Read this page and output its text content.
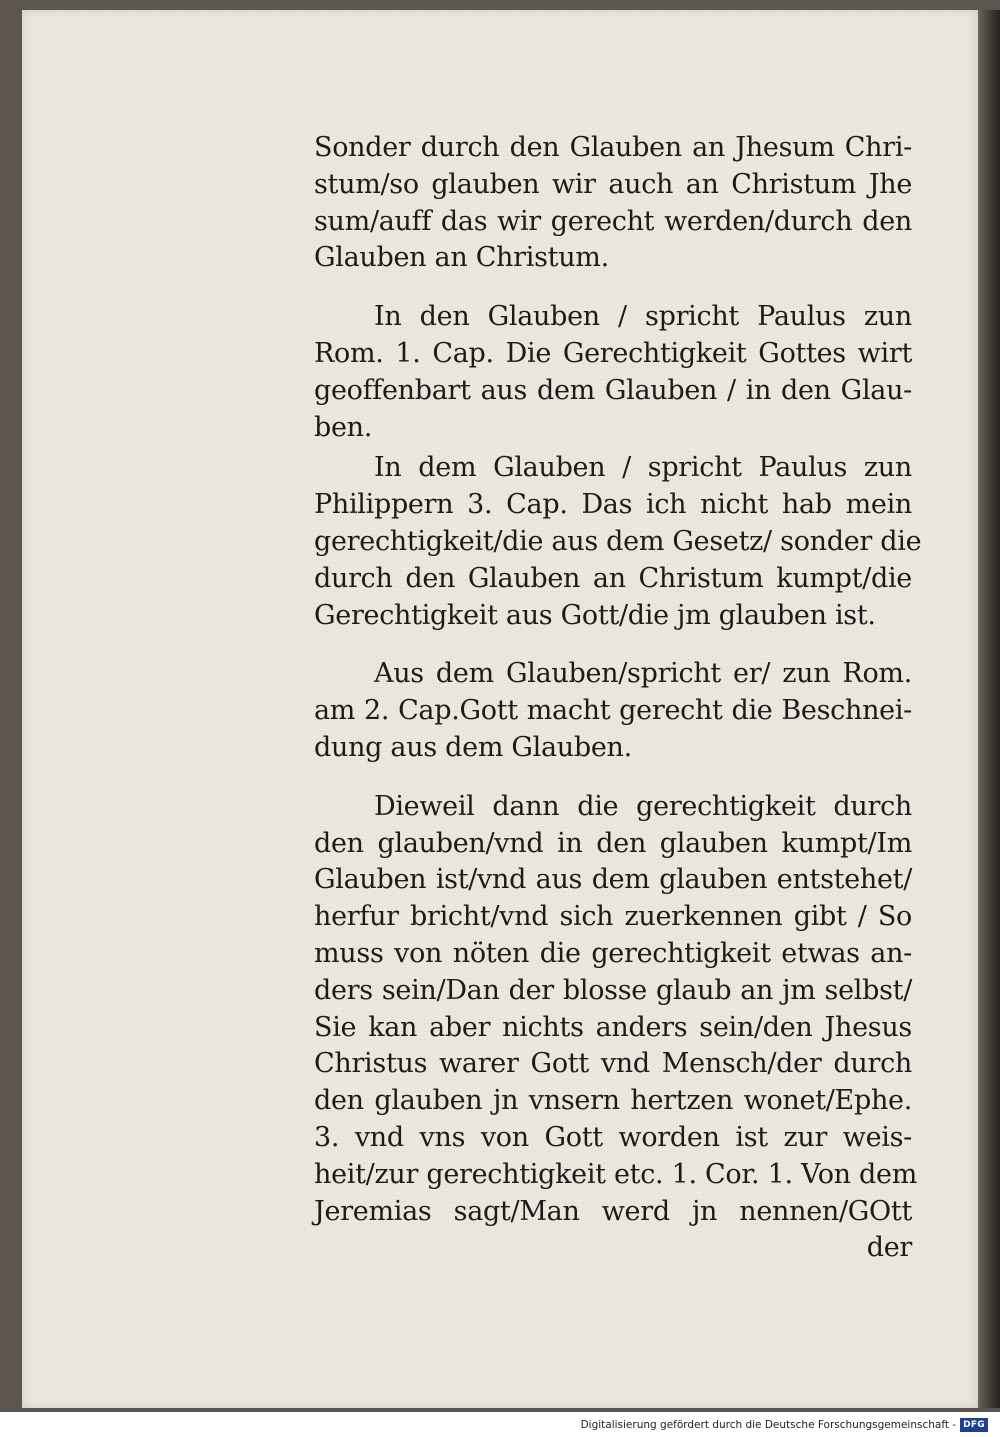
Sonder durch den Glauben an Jhesum Chri-
stum/so glauben wir auch an Christum Jhe
sum/auff das wir gerecht werden/durch den
Glauben an Christum.
In den Glauben / spricht Paulus zun
Rom. 1. Cap. Die Gerechtigkeit Gottes wirt
geoffenbart aus dem Glauben / in den Glau-
ben.
In dem Glauben / spricht Paulus zun
Philippern 3. Cap. Das ich nicht hab mein
gerechtigkeit/die aus dem Gesetz/ sonder die
durch den Glauben an Christum kumpt/die
Gerechtigkeit aus Gott/die jm glauben ist.
Aus dem Glauben/spricht er/ zun Rom.
am 2. Cap.Gott macht gerecht die Beschnei-
dung aus dem Glauben.
Dieweil dann die gerechtigkeit durch
den glauben/vnd in den glauben kumpt/Im
Glauben ist/vnd aus dem glauben entstehet/
herfur bricht/vnd sich zuerkennen gibt / So
muss von nöten die gerechtigkeit etwas an-
ders sein/Dan der blosse glaub an jm selbst/
Sie kan aber nichts anders sein/den Jhesus
Christus warer Gott vnd Mensch/der durch
den glauben jn vnsern hertzen wonet/Ephe.
3. vnd vns von Gott worden ist zur weis-
heit/zur gerechtigkeit etc. 1. Cor. 1. Von dem
Jeremias sagt/Man werd jn nennen/GOtt
der
Digitalisierung gefördert durch die Deutsche Forschungsgemeinschaft - DFG
